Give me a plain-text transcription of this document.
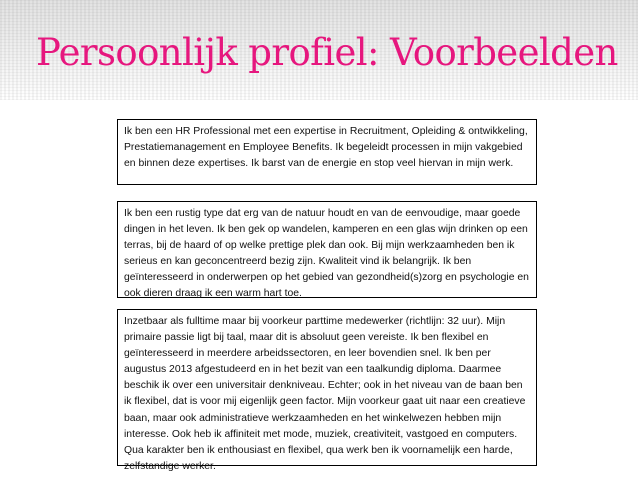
Persoonlijk profiel: Voorbeelden
Ik ben een HR Professional met een expertise in Recruitment, Opleiding & ontwikkeling, Prestatiemanagement en Employee Benefits. Ik begeleidt processen in mijn vakgebied en binnen deze expertises. Ik barst van de energie en stop veel hiervan in mijn werk.
Ik ben een rustig type dat erg van de natuur houdt en van de eenvoudige, maar goede dingen in het leven. Ik ben gek op wandelen, kamperen en een glas wijn drinken op een terras, bij de haard of op welke prettige plek dan ook. Bij mijn werkzaamheden ben ik serieus en kan geconcentreerd bezig zijn. Kwaliteit vind ik belangrijk. Ik ben geïnteresseerd in onderwerpen op het gebied van gezondheid(s)zorg en psychologie en ook dieren draag ik een warm hart toe.
Inzetbaar als fulltime maar bij voorkeur parttime medewerker (richtlijn: 32 uur). Mijn primaire passie ligt bij taal, maar dit is absoluut geen vereiste. Ik ben flexibel en geïnteresseerd in meerdere arbeidssectoren, en leer bovendien snel. Ik ben per augustus 2013 afgestudeerd en in het bezit van een taalkundig diploma. Daarmee beschik ik over een universitair denkniveau. Echter; ook in het niveau van de baan ben ik flexibel, dat is voor mij eigenlijk geen factor. Mijn voorkeur gaat uit naar een creatieve baan, maar ook administratieve werkzaamheden en het winkelwezen hebben mijn interesse. Ook heb ik affiniteit met mode, muziek, creativiteit, vastgoed en computers. Qua karakter ben ik enthousiast en flexibel, qua werk ben ik voornamelijk een harde, zelfstandige werker.
